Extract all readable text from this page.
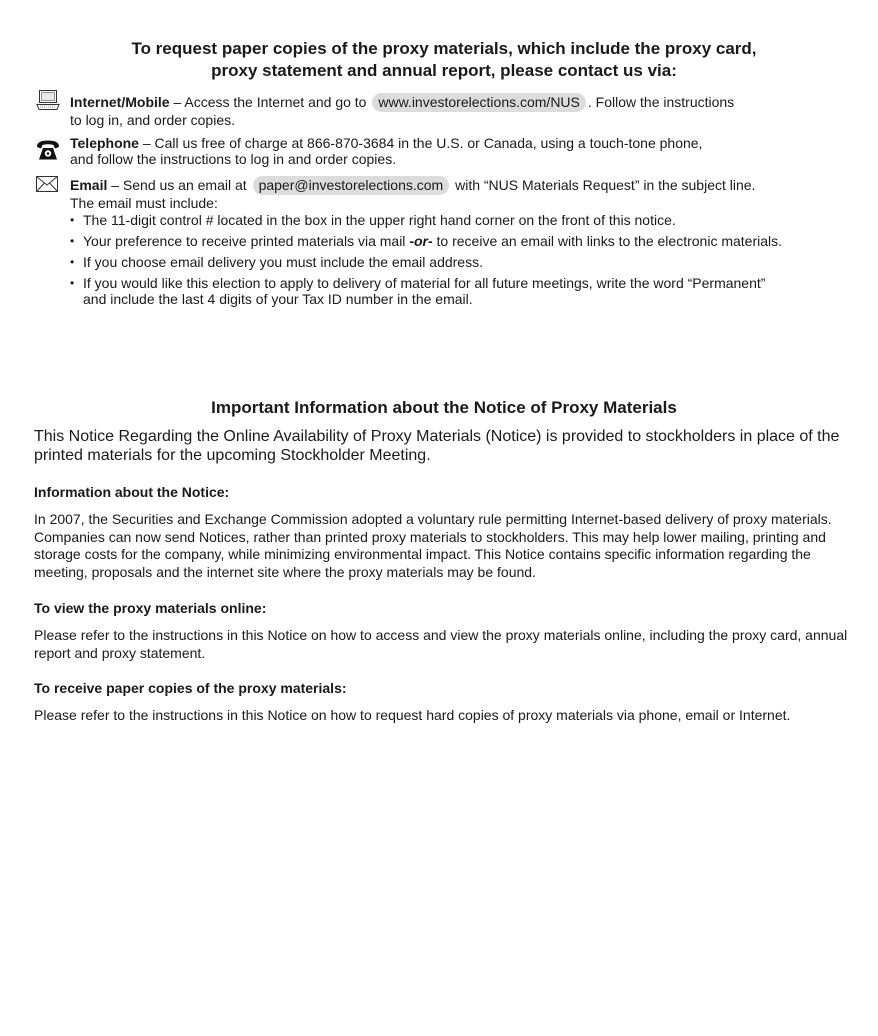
To request paper copies of the proxy materials, which include the proxy card,
proxy statement and annual report, please contact us via:
Internet/Mobile – Access the Internet and go to www.investorelections.com/NUS . Follow the instructions
to log in, and order copies.
Telephone – Call us free of charge at 866-870-3684 in the U.S. or Canada, using a touch-tone phone,
and follow the instructions to log in and order copies.
Email – Send us an email at paper@investorelections.com with “NUS Materials Request” in the subject line.
The email must include:
• The 11-digit control # located in the box in the upper right hand corner on the front of this notice.
• Your preference to receive printed materials via mail -or- to receive an email with links to the electronic materials.
• If you choose email delivery you must include the email address.
• If you would like this election to apply to delivery of material for all future meetings, write the word “Permanent”
and include the last 4 digits of your Tax ID number in the email.
Important Information about the Notice of Proxy Materials
This Notice Regarding the Online Availability of Proxy Materials (Notice) is provided to stockholders in place of the printed materials for the upcoming Stockholder Meeting.
Information about the Notice:
In 2007, the Securities and Exchange Commission adopted a voluntary rule permitting Internet-based delivery of proxy materials. Companies can now send Notices, rather than printed proxy materials to stockholders. This may help lower mailing, printing and storage costs for the company, while minimizing environmental impact. This Notice contains specific information regarding the meeting, proposals and the internet site where the proxy materials may be found.
To view the proxy materials online:
Please refer to the instructions in this Notice on how to access and view the proxy materials online, including the proxy card, annual report and proxy statement.
To receive paper copies of the proxy materials:
Please refer to the instructions in this Notice on how to request hard copies of proxy materials via phone, email or Internet.
